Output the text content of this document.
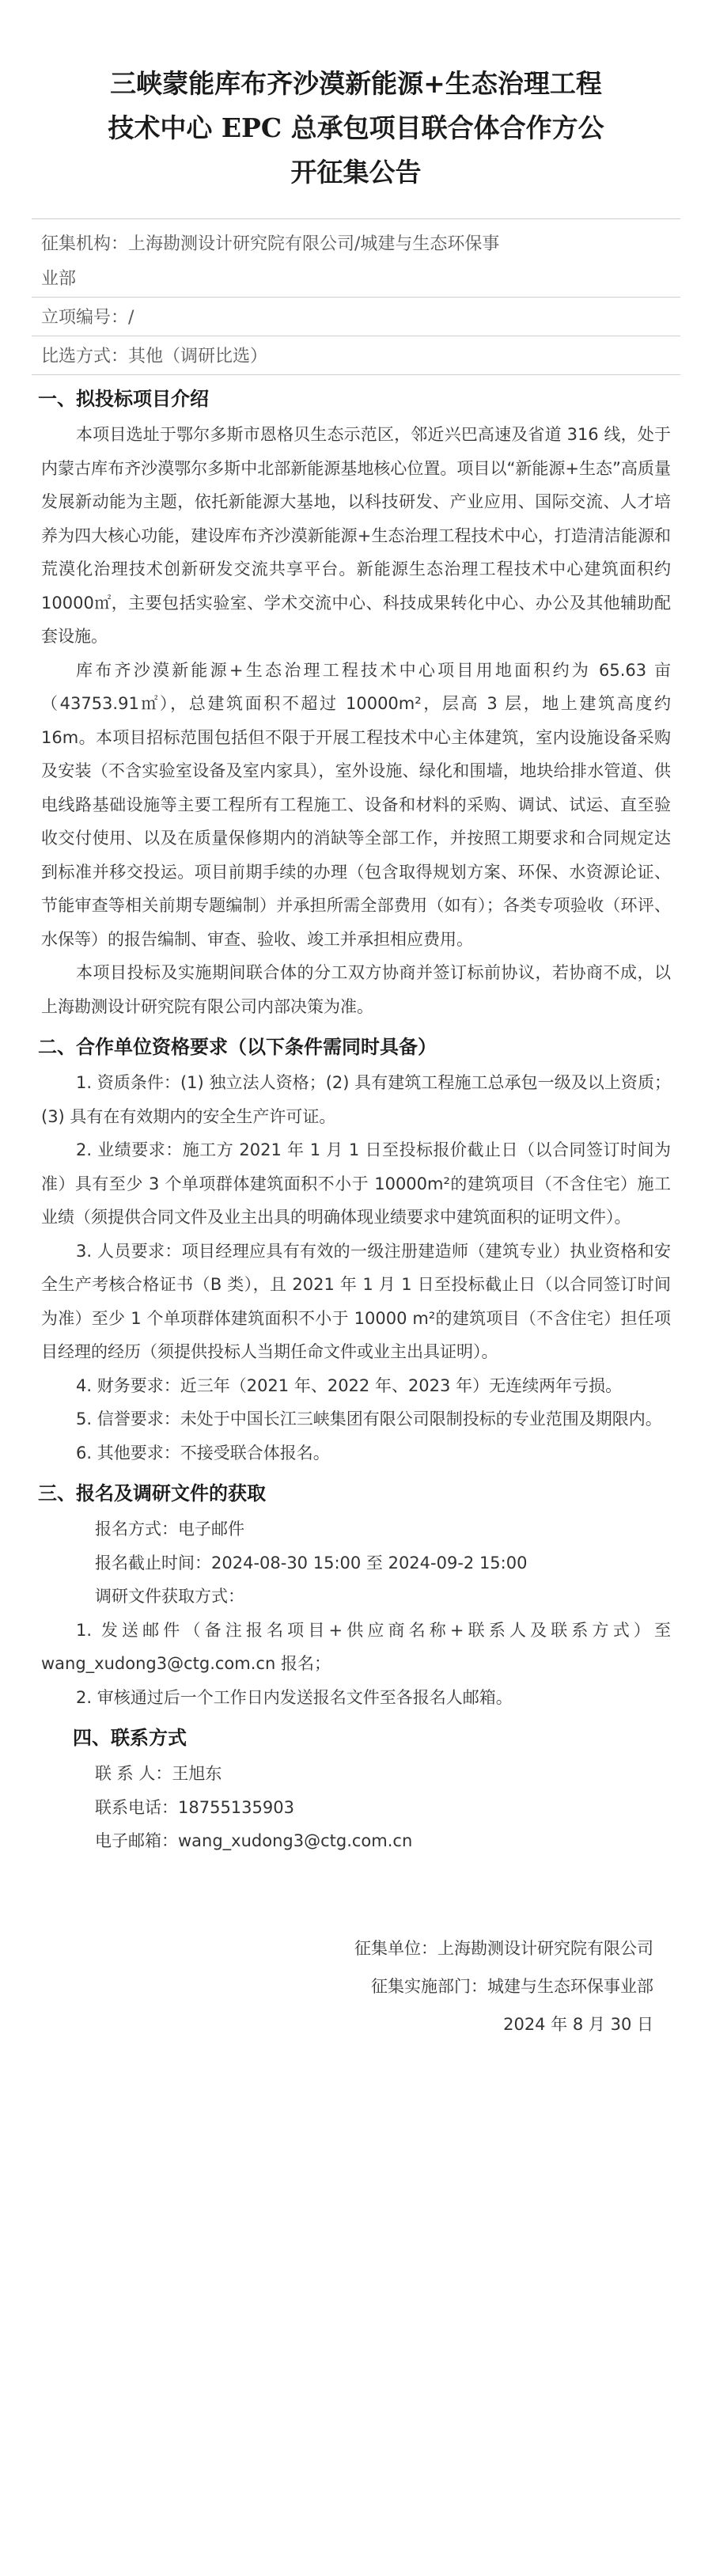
三峡蒙能库布齐沙漠新能源+生态治理工程
技术中心 EPC 总承包项目联合体合作方公
开征集公告
征集机构：上海勘测设计研究院有限公司/城建与生态环保事
业部
立项编号：/
比选方式：其他（调研比选）
一、拟投标项目介绍

本项目选址于鄂尔多斯市恩格贝生态示范区，邻近兴巴高速及省道 316 线，处于内蒙古库布齐沙漠鄂尔多斯中北部新能源基地核心位置。项目以“新能源+生态”高质量发展新动能为主题，依托新能源大基地，以科技研发、产业应用、国际交流、人才培养为四大核心功能，建设库布齐沙漠新能源+生态治理工程技术中心，打造清洁能源和荒漠化治理技术创新研发交流共享平台。新能源生态治理工程技术中心建筑面积约 10000㎡，主要包括实验室、学术交流中心、科技成果转化中心、办公及其他辅助配套设施。

库布齐沙漠新能源+生态治理工程技术中心项目用地面积约为 65.63 亩（43753.91㎡），总建筑面积不超过 10000m²，层高 3 层，地上建筑高度约 16m。本项目招标范围包括但不限于开展工程技术中心主体建筑，室内设施设备采购及安装（不含实验室设备及室内家具），室外设施、绿化和围墙，地块给排水管道、供电线路基础设施等主要工程所有工程施工、设备和材料的采购、调试、试运、直至验收交付使用、以及在质量保修期内的消缺等全部工作，并按照工期要求和合同规定达到标准并移交投运。项目前期手续的办理（包含取得规划方案、环保、水资源论证、节能审查等相关前期专题编制）并承担所需全部费用（如有）；各类专项验收（环评、水保等）的报告编制、审查、验收、竣工并承担相应费用。

本项目投标及实施期间联合体的分工双方协商并签订标前协议，若协商不成，以上海勘测设计研究院有限公司内部决策为准。

二、合作单位资格要求（以下条件需同时具备）

1. 资质条件：(1) 独立法人资格；(2) 具有建筑工程施工总承包一级及以上资质；(3) 具有在有效期内的安全生产许可证。

2. 业绩要求：施工方 2021 年 1 月 1 日至投标报价截止日（以合同签订时间为准）具有至少 3 个单项群体建筑面积不小于 10000m²的建筑项目（不含住宅）施工业绩（须提供合同文件及业主出具的明确体现业绩要求中建筑面积的证明文件）。

3. 人员要求：项目经理应具有有效的一级注册建造师（建筑专业）执业资格和安全生产考核合格证书（B 类），且 2021 年 1 月 1 日至投标截止日（以合同签订时间为准）至少 1 个单项群体建筑面积不小于 10000 m²的建筑项目（不含住宅）担任项目经理的经历（须提供投标人当期任命文件或业主出具证明）。

4. 财务要求：近三年（2021 年、2022 年、2023 年）无连续两年亏损。

5. 信誉要求：未处于中国长江三峡集团有限公司限制投标的专业范围及期限内。

6. 其他要求：不接受联合体报名。

三、报名及调研文件的获取

报名方式：电子邮件

报名截止时间：2024-08-30 15:00 至 2024-09-2 15:00

调研文件获取方式：

1. 发送邮件（备注报名项目+供应商名称+联系人及联系方式）至 wang_xudong3@ctg.com.cn 报名；

2. 审核通过后一个工作日内发送报名文件至各报名人邮箱。

四、联系方式

联 系 人：王旭东

联系电话：18755135903

电子邮箱：wang_xudong3@ctg.com.cn

征集单位：上海勘测设计研究院有限公司
征集实施部门：城建与生态环保事业部
2024 年 8 月 30 日
